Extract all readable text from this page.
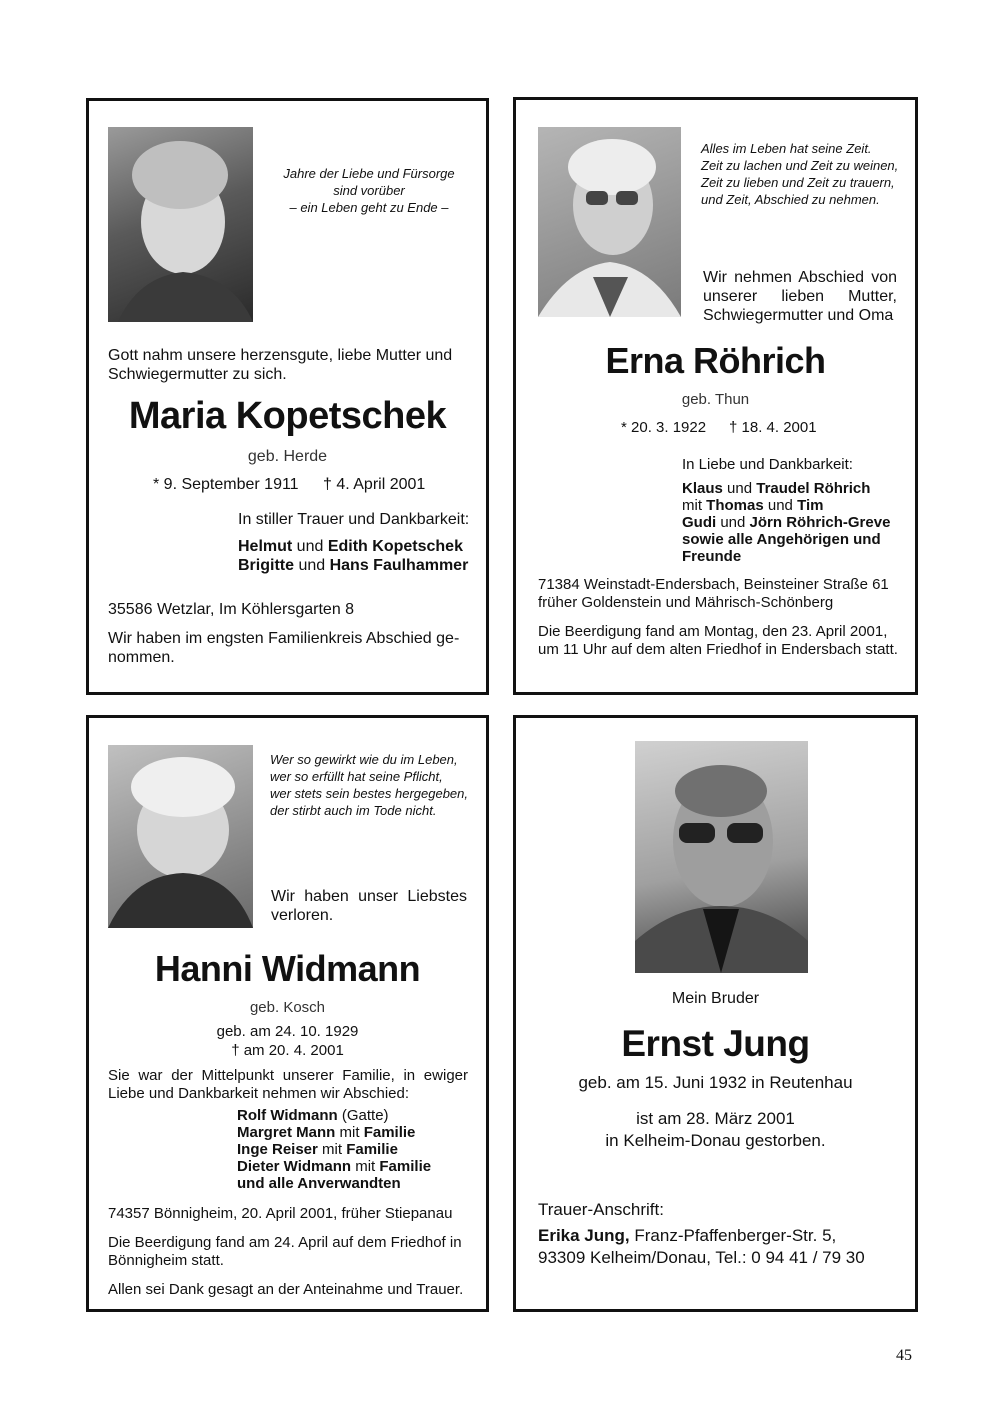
Jahre der Liebe und Fürsorge
sind vorüber
– ein Leben geht zu Ende –
Gott nahm unsere herzensgute, liebe Mutter und
Schwiegermutter zu sich.
Maria Kopetschek
geb. Herde
* 9. September 1911 † 4. April 2001
In stiller Trauer und Dankbarkeit:
Helmut und Edith Kopetschek
Brigitte und Hans Faulhammer
35586 Wetzlar, Im Köhlersgarten 8
Wir haben im engsten Familienkreis Abschied ge-
nommen.
Alles im Leben hat seine Zeit.
Zeit zu lachen und Zeit zu weinen,
Zeit zu lieben und Zeit zu trauern,
und Zeit, Abschied zu nehmen.
Wir nehmen Abschied von
unserer lieben Mutter,
Schwiegermutter und Oma
Erna Röhrich
geb. Thun
* 20. 3. 1922 † 18. 4. 2001
In Liebe und Dankbarkeit:
Klaus und Traudel Röhrich
mit Thomas und Tim
Gudi und Jörn Röhrich-Greve
sowie alle Angehörigen und
Freunde
71384 Weinstadt-Endersbach, Beinsteiner Straße 61
früher Goldenstein und Mährisch-Schönberg
Die Beerdigung fand am Montag, den 23. April 2001,
um 11 Uhr auf dem alten Friedhof in Endersbach statt.
Wer so gewirkt wie du im Leben,
wer so erfüllt hat seine Pflicht,
wer stets sein bestes hergegeben,
der stirbt auch im Tode nicht.
Wir haben unser Liebstes
verloren.
Hanni Widmann
geb. Kosch
geb. am 24. 10. 1929
† am 20. 4. 2001
Sie war der Mittelpunkt unserer Familie, in ewiger
Liebe und Dankbarkeit nehmen wir Abschied:
Rolf Widmann (Gatte)
Margret Mann mit Familie
Inge Reiser mit Familie
Dieter Widmann mit Familie
und alle Anverwandten
74357 Bönnigheim, 20. April 2001, früher Stiepanau
Die Beerdigung fand am 24. April auf dem Friedhof in
Bönnigheim statt.
Allen sei Dank gesagt an der Anteinahme und Trauer.
Mein Bruder
Ernst Jung
geb. am 15. Juni 1932 in Reutenhau
ist am 28. März 2001
in Kelheim-Donau gestorben.
Trauer-Anschrift:
Erika Jung, Franz-Pfaffenberger-Str. 5,
93309 Kelheim/Donau, Tel.: 0 94 41 / 79 30
45
